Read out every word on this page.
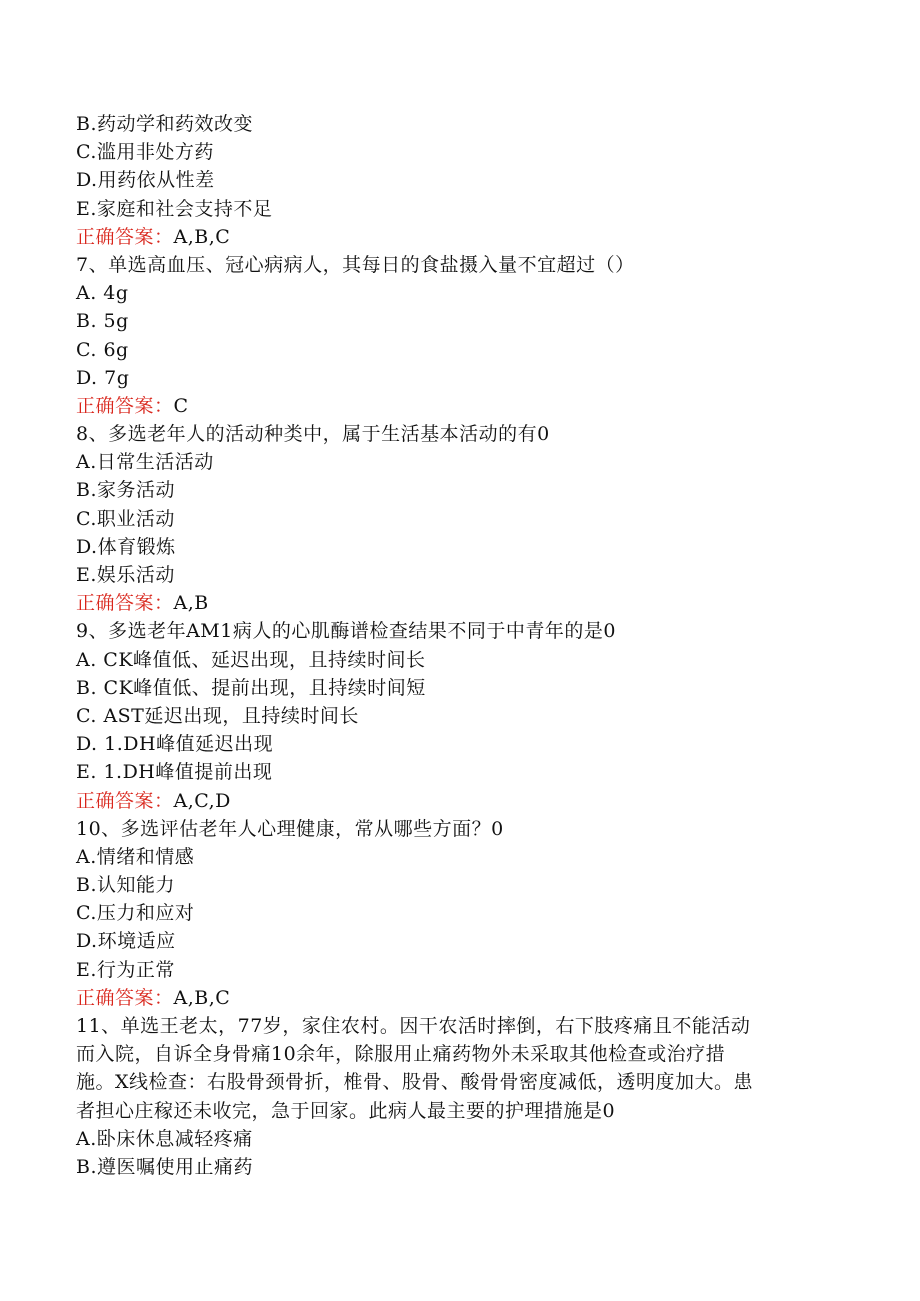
B.药动学和药效改变
C.滥用非处方药
D.用药依从性差
E.家庭和社会支持不足
正确答案：A,B,C
7、单选高血压、冠心病病人，其每日的食盐摄入量不宜超过（）
A. 4g
B. 5g
C. 6g
D. 7g
正确答案：C
8、多选老年人的活动种类中，属于生活基本活动的有0
A.日常生活活动
B.家务活动
C.职业活动
D.体育锻炼
E.娱乐活动
正确答案：A,B
9、多选老年AM1病人的心肌酶谱检查结果不同于中青年的是0
A. CK峰值低、延迟出现，且持续时间长
B. CK峰值低、提前出现，且持续时间短
C. AST延迟出现，且持续时间长
D. 1.DH峰值延迟出现
E. 1.DH峰值提前出现
正确答案：A,C,D
10、多选评估老年人心理健康，常从哪些方面？0
A.情绪和情感
B.认知能力
C.压力和应对
D.环境适应
E.行为正常
正确答案：A,B,C
11、单选王老太，77岁，家住农村。因干农活时摔倒，右下肢疼痛且不能活动
而入院，自诉全身骨痛10余年，除服用止痛药物外未采取其他检查或治疗措
施。X线检查：右股骨颈骨折，椎骨、股骨、酸骨骨密度减低，透明度加大。患
者担心庄稼还未收完，急于回家。此病人最主要的护理措施是0
A.卧床休息减轻疼痛
B.遵医嘱使用止痛药
